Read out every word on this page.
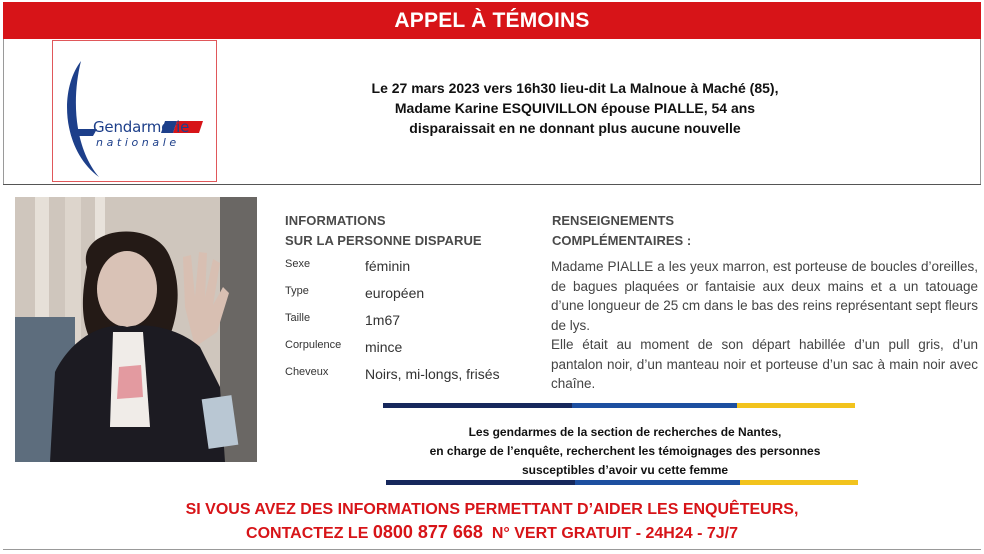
APPEL À TÉMOINS
Gendarmerie
nationale
Le 27 mars 2023 vers 16h30 lieu-dit La Malnoue à Maché (85),
Madame Karine ESQUIVILLON épouse PIALLE, 54 ans
disparaissait en ne donnant plus aucune nouvelle
INFORMATIONS
SUR LA PERSONNE DISPARUE
Sexe	féminin
Type	européen
Taille	1m67
Corpulence mince
Cheveux	Noirs, mi-longs, frisés
RENSEIGNEMENTS
COMPLÉMENTAIRES :

Madame PIALLE a les yeux marron, est porteuse de boucles d’oreilles, de bagues plaquées or fantaisie aux deux mains et a un tatouage d’une longueur de 25 cm dans le bas des reins représentant sept fleurs de lys.

Elle était au moment de son départ habillée d’un pull gris, d’un pantalon noir, d’un manteau noir et porteuse d’un sac à main noir avec chaîne.

Les gendarmes de la section de recherches de Nantes,
en charge de l’enquête, recherchent les témoignages des personnes
susceptibles d’avoir vu cette femme
SI VOUS AVEZ DES INFORMATIONS PERMETTANT D’AIDER LES ENQUÊTEURS,
CONTACTEZ LE 0800 877 668  N° VERT GRATUIT - 24H24 - 7J/7
